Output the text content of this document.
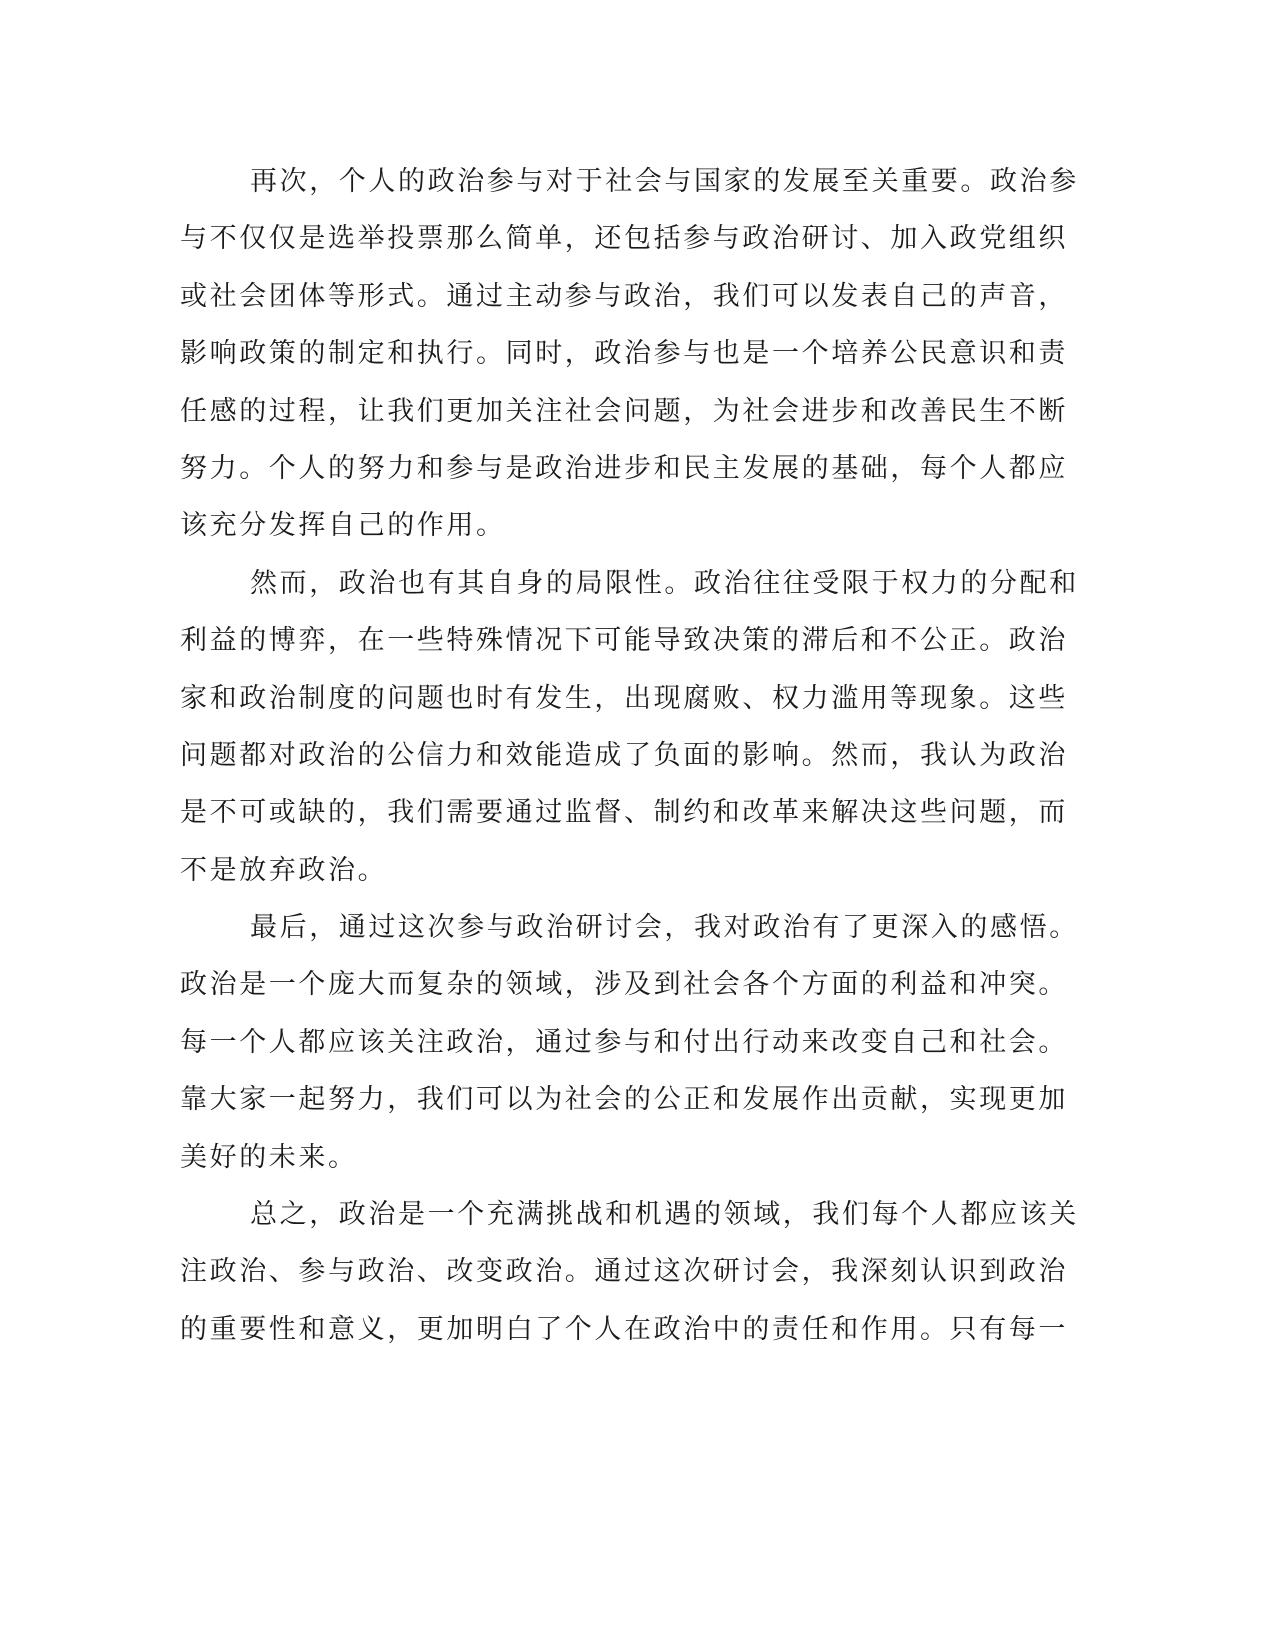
再次，个人的政治参与对于社会与国家的发展至关重要。政治参
与不仅仅是选举投票那么简单，还包括参与政治研讨、加入政党组织
或社会团体等形式。通过主动参与政治，我们可以发表自己的声音，
影响政策的制定和执行。同时，政治参与也是一个培养公民意识和责
任感的过程，让我们更加关注社会问题，为社会进步和改善民生不断
努力。个人的努力和参与是政治进步和民主发展的基础，每个人都应
该充分发挥自己的作用。
然而，政治也有其自身的局限性。政治往往受限于权力的分配和
利益的博弈，在一些特殊情况下可能导致决策的滞后和不公正。政治
家和政治制度的问题也时有发生，出现腐败、权力滥用等现象。这些
问题都对政治的公信力和效能造成了负面的影响。然而，我认为政治
是不可或缺的，我们需要通过监督、制约和改革来解决这些问题，而
不是放弃政治。
最后，通过这次参与政治研讨会，我对政治有了更深入的感悟。
政治是一个庞大而复杂的领域，涉及到社会各个方面的利益和冲突。
每一个人都应该关注政治，通过参与和付出行动来改变自己和社会。
靠大家一起努力，我们可以为社会的公正和发展作出贡献，实现更加
美好的未来。
总之，政治是一个充满挑战和机遇的领域，我们每个人都应该关
注政治、参与政治、改变政治。通过这次研讨会，我深刻认识到政治
的重要性和意义，更加明白了个人在政治中的责任和作用。只有每一
